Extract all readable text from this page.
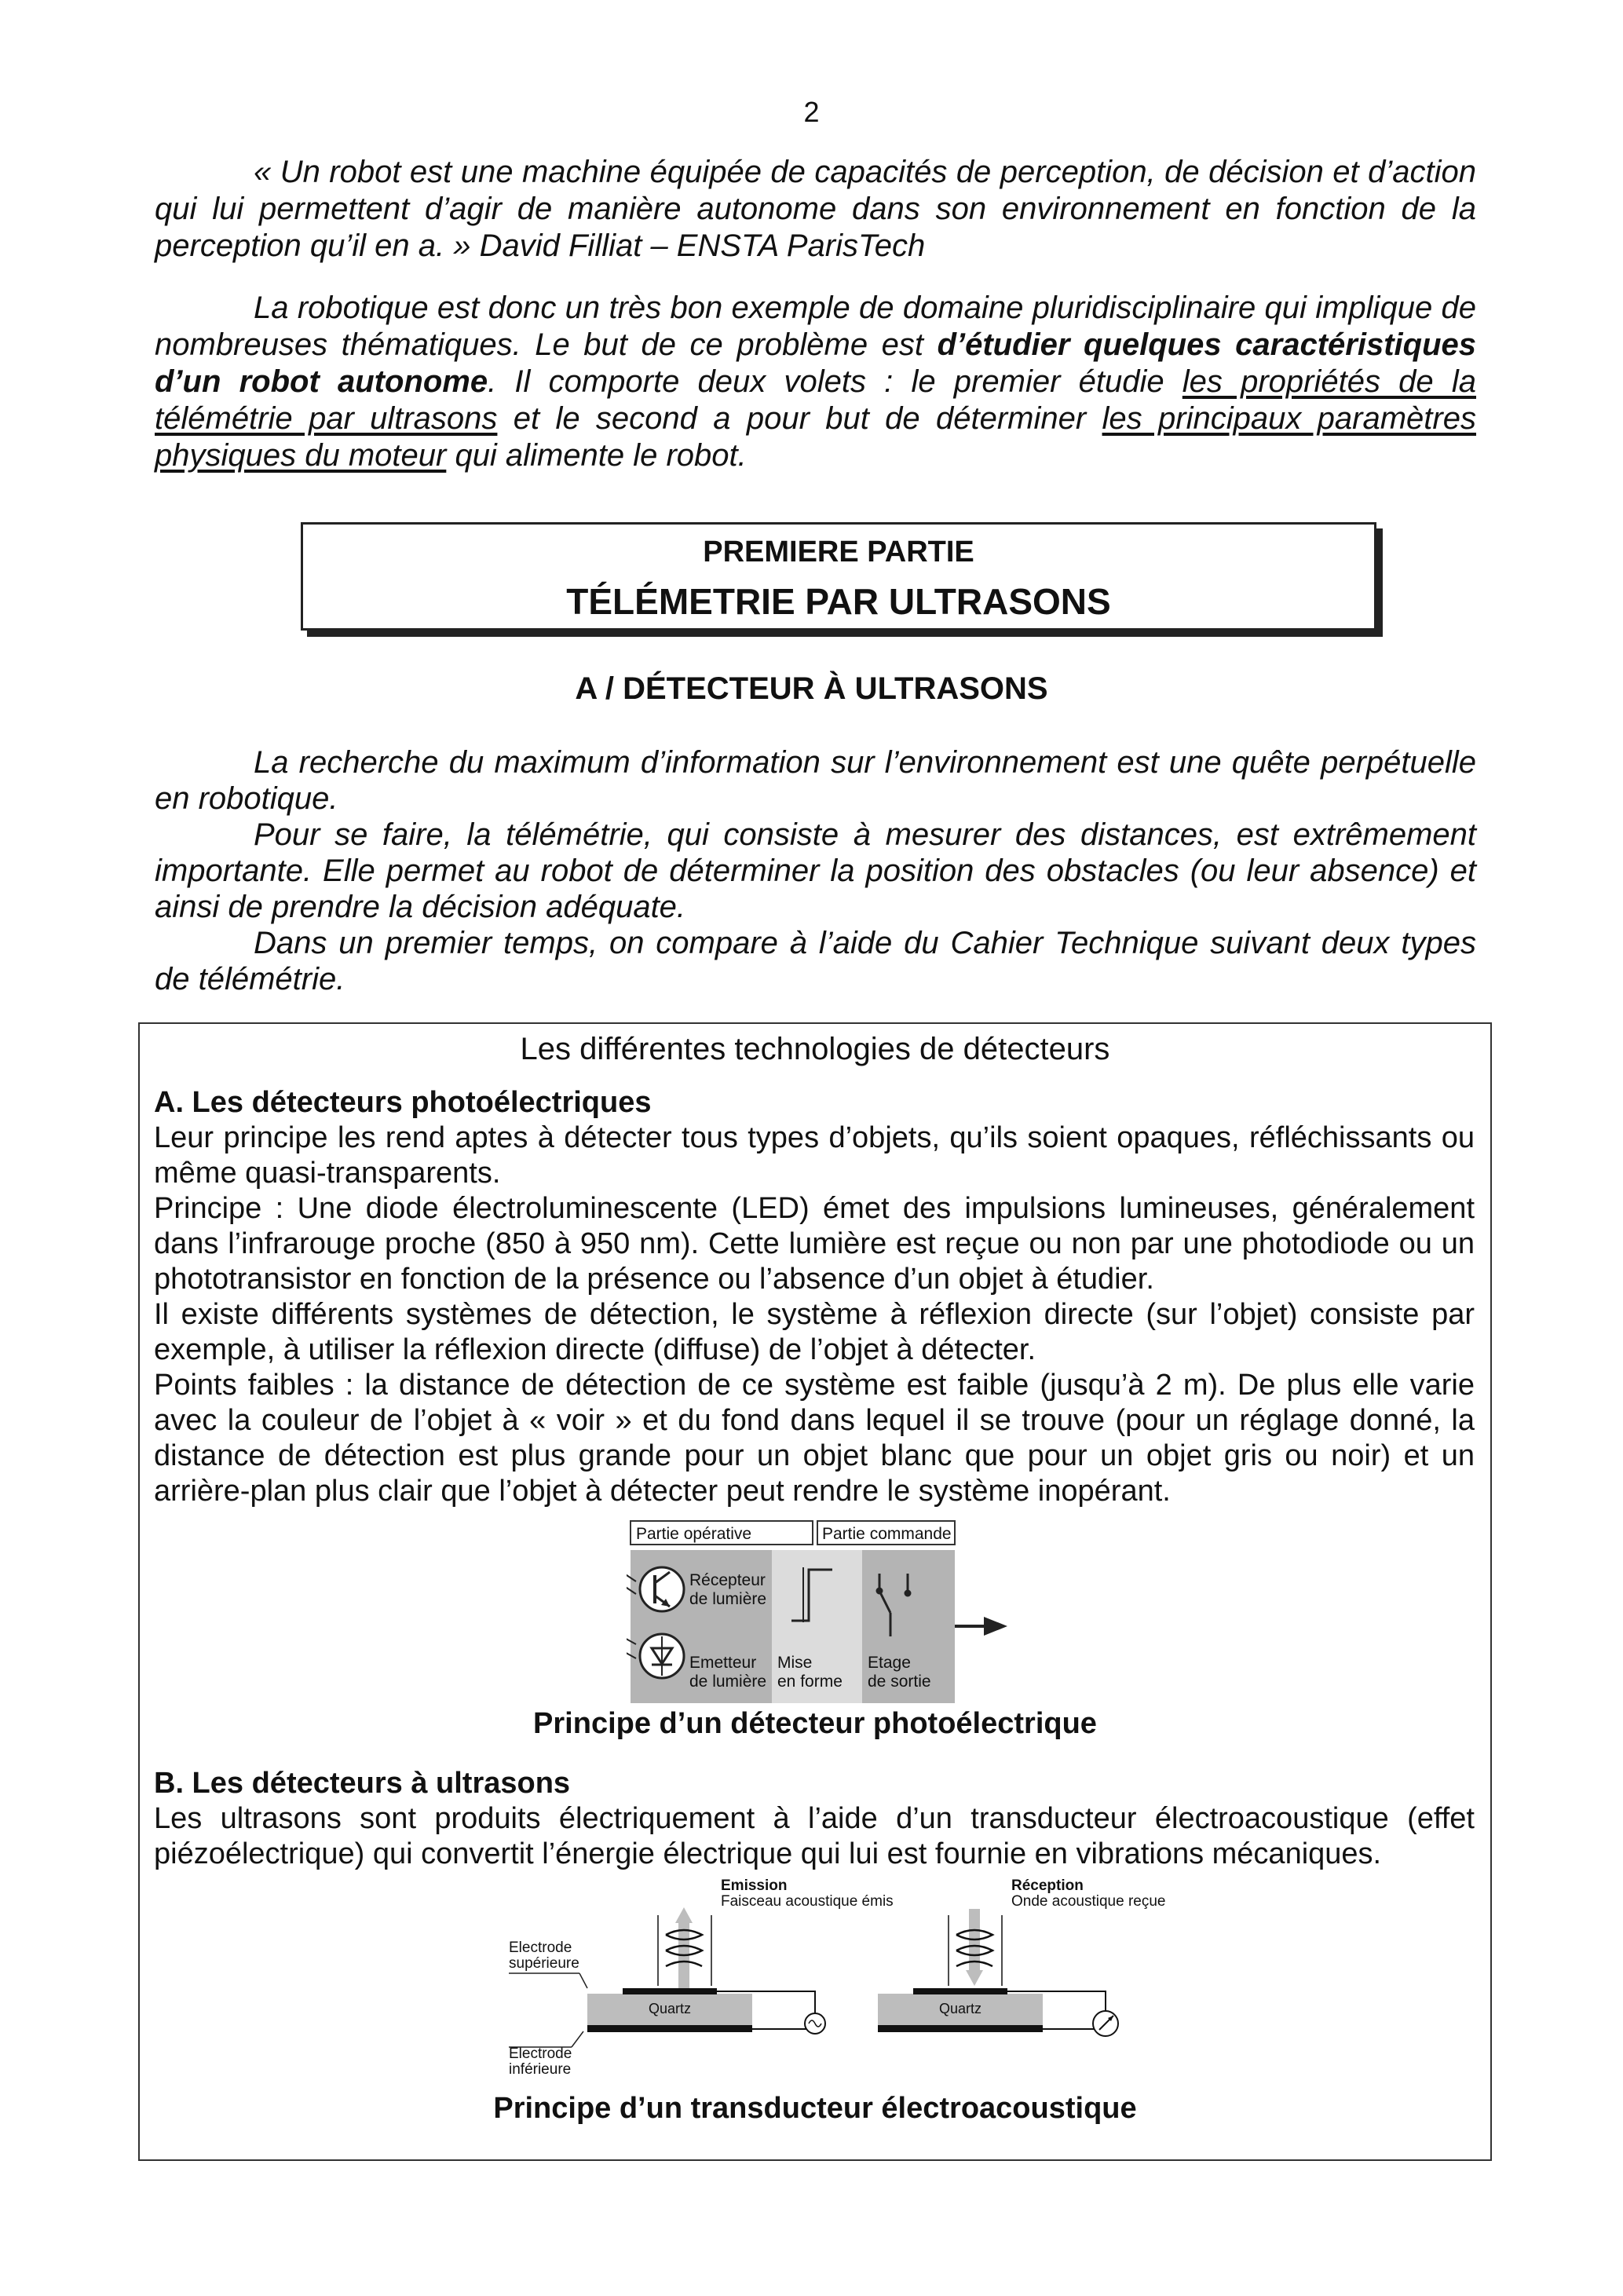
2

« Un robot est une machine équipée de capacités de perception, de décision et d’action qui lui permettent d’agir de manière autonome dans son environnement en fonction de la perception qu’il en a. » David Filliat – ENSTA ParisTech

La robotique est donc un très bon exemple de domaine pluridisciplinaire qui implique de nombreuses thématiques. Le but de ce problème est d’étudier quelques caractéristiques d’un robot autonome. Il comporte deux volets : le premier étudie les propriétés de la télémétrie par ultrasons et le second a pour but de déterminer les principaux paramètres physiques du moteur qui alimente le robot.

PREMIERE PARTIE
TÉLÉMETRIE PAR ULTRASONS
A / DÉTECTEUR À ULTRASONS

La recherche du maximum d’information sur l’environnement est une quête perpétuelle en robotique.

Pour se faire, la télémétrie, qui consiste à mesurer des distances, est extrêmement importante. Elle permet au robot de déterminer la position des obstacles (ou leur absence) et ainsi de prendre la décision adéquate.

Dans un premier temps, on compare à l’aide du Cahier Technique suivant deux types de télémétrie.

Les différentes technologies de détecteurs
A. Les détecteurs photoélectriques

Leur principe les rend aptes à détecter tous types d’objets, qu’ils soient opaques, réfléchissants ou même quasi-transparents.

Principe : Une diode électroluminescente (LED) émet des impulsions lumineuses, généralement dans l’infrarouge proche (850 à 950 nm). Cette lumière est reçue ou non par une photodiode ou un phototransistor en fonction de la présence ou l’absence d’un objet à étudier.

Il existe différents systèmes de détection, le système à réflexion directe (sur l’objet) consiste par exemple, à utiliser la réflexion directe (diffuse) de l’objet à détecter.

Points faibles : la distance de détection de ce système est faible (jusqu’à 2 m). De plus elle varie avec la couleur de l’objet à « voir » et du fond dans lequel il se trouve (pour un réglage donné, la distance de détection est plus grande pour un objet blanc que pour un objet gris ou noir) et un arrière-plan plus clair que l’objet à détecter peut rendre le système inopérant.

Partie opérative	Partie commande
Récepteur
de lumière
Emetteur
de lumière
Mise
en forme
Etage
de sortie
Principe d’un détecteur photoélectrique
B. Les détecteurs à ultrasons

Les ultrasons sont produits électriquement à l’aide d’un transducteur électroacoustique (effet piézoélectrique) qui convertit l’énergie électrique qui lui est fournie en vibrations mécaniques.

Emission
Faisceau acoustique émis
Réception
Onde acoustique reçue
Electrode
supérieure
Electrode
inférieure
Quartz	Quartz
Principe d’un transducteur électroacoustique
